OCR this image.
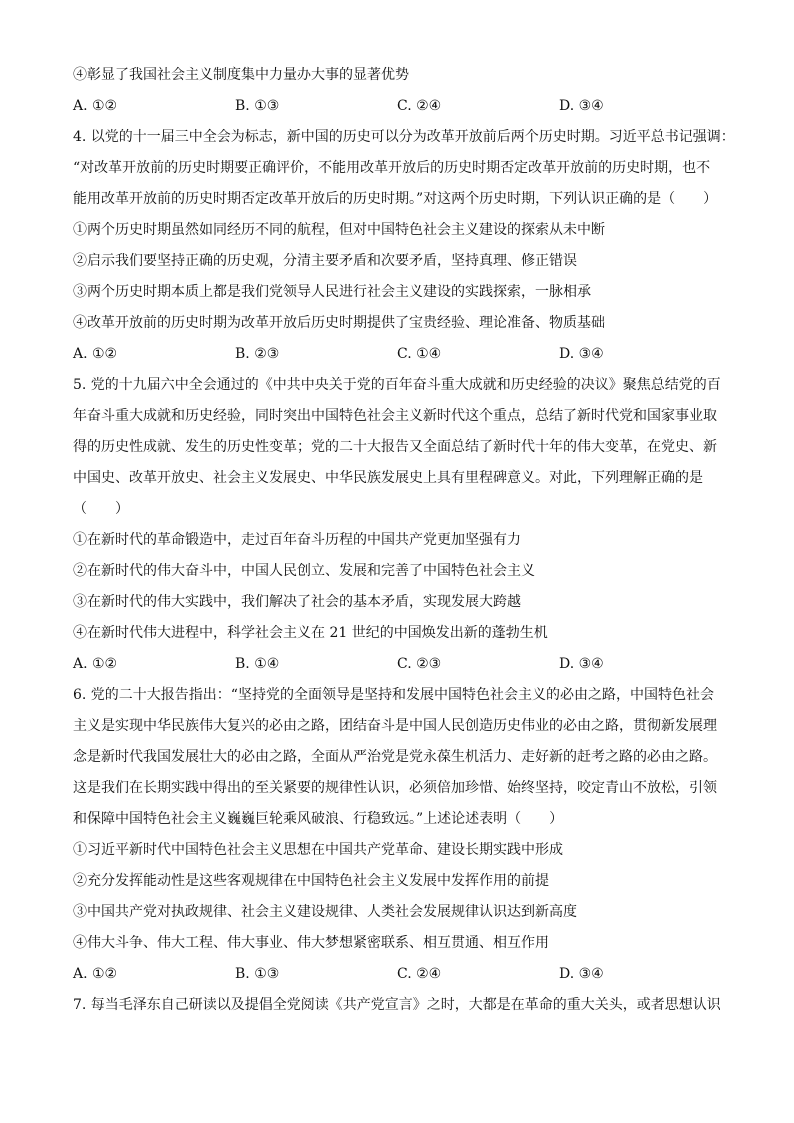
④彰显了我国社会主义制度集中力量办大事的显著优势
A. ①②	B. ①③	C. ②④	D. ③④
4. 以党的十一届三中全会为标志，新中国的历史可以分为改革开放前后两个历史时期。习近平总书记强调：
“对改革开放前的历史时期要正确评价，不能用改革开放后的历史时期否定改革开放前的历史时期，也不
能用改革开放前的历史时期否定改革开放后的历史时期。”对这两个历史时期，下列认识正确的是（　　）
①两个历史时期虽然如同经历不同的航程，但对中国特色社会主义建设的探索从未中断
②启示我们要坚持正确的历史观，分清主要矛盾和次要矛盾，坚持真理、修正错误
③两个历史时期本质上都是我们党领导人民进行社会主义建设的实践探索，一脉相承
④改革开放前的历史时期为改革开放后历史时期提供了宝贵经验、理论准备、物质基础
A. ①②	B. ②③	C. ①④	D. ③④
5. 党的十九届六中全会通过的《中共中央关于党的百年奋斗重大成就和历史经验的决议》聚焦总结党的百
年奋斗重大成就和历史经验，同时突出中国特色社会主义新时代这个重点，总结了新时代党和国家事业取
得的历史性成就、发生的历史性变革；党的二十大报告又全面总结了新时代十年的伟大变革，在党史、新
中国史、改革开放史、社会主义发展史、中华民族发展史上具有里程碑意义。对此，下列理解正确的是
（　　）
①在新时代的革命锻造中，走过百年奋斗历程的中国共产党更加坚强有力
②在新时代的伟大奋斗中，中国人民创立、发展和完善了中国特色社会主义
③在新时代的伟大实践中，我们解决了社会的基本矛盾，实现发展大跨越
④在新时代伟大进程中，科学社会主义在 21 世纪的中国焕发出新的蓬勃生机
A. ①②	B. ①④	C. ②③	D. ③④
6. 党的二十大报告指出：“坚持党的全面领导是坚持和发展中国特色社会主义的必由之路，中国特色社会
主义是实现中华民族伟大复兴的必由之路，团结奋斗是中国人民创造历史伟业的必由之路，贯彻新发展理
念是新时代我国发展壮大的必由之路，全面从严治党是党永葆生机活力、走好新的赶考之路的必由之路。
这是我们在长期实践中得出的至关紧要的规律性认识，必须倍加珍惜、始终坚持，咬定青山不放松，引领
和保障中国特色社会主义巍巍巨轮乘风破浪、行稳致远。”上述论述表明（　　）
①习近平新时代中国特色社会主义思想在中国共产党革命、建设长期实践中形成
②充分发挥能动性是这些客观规律在中国特色社会主义发展中发挥作用的前提
③中国共产党对执政规律、社会主义建设规律、人类社会发展规律认识达到新高度
④伟大斗争、伟大工程、伟大事业、伟大梦想紧密联系、相互贯通、相互作用
A. ①②	B. ①③	C. ②④	D. ③④
7. 每当毛泽东自己研读以及提倡全党阅读《共产党宣言》之时，大都是在革命的重大关头，或者思想认识
